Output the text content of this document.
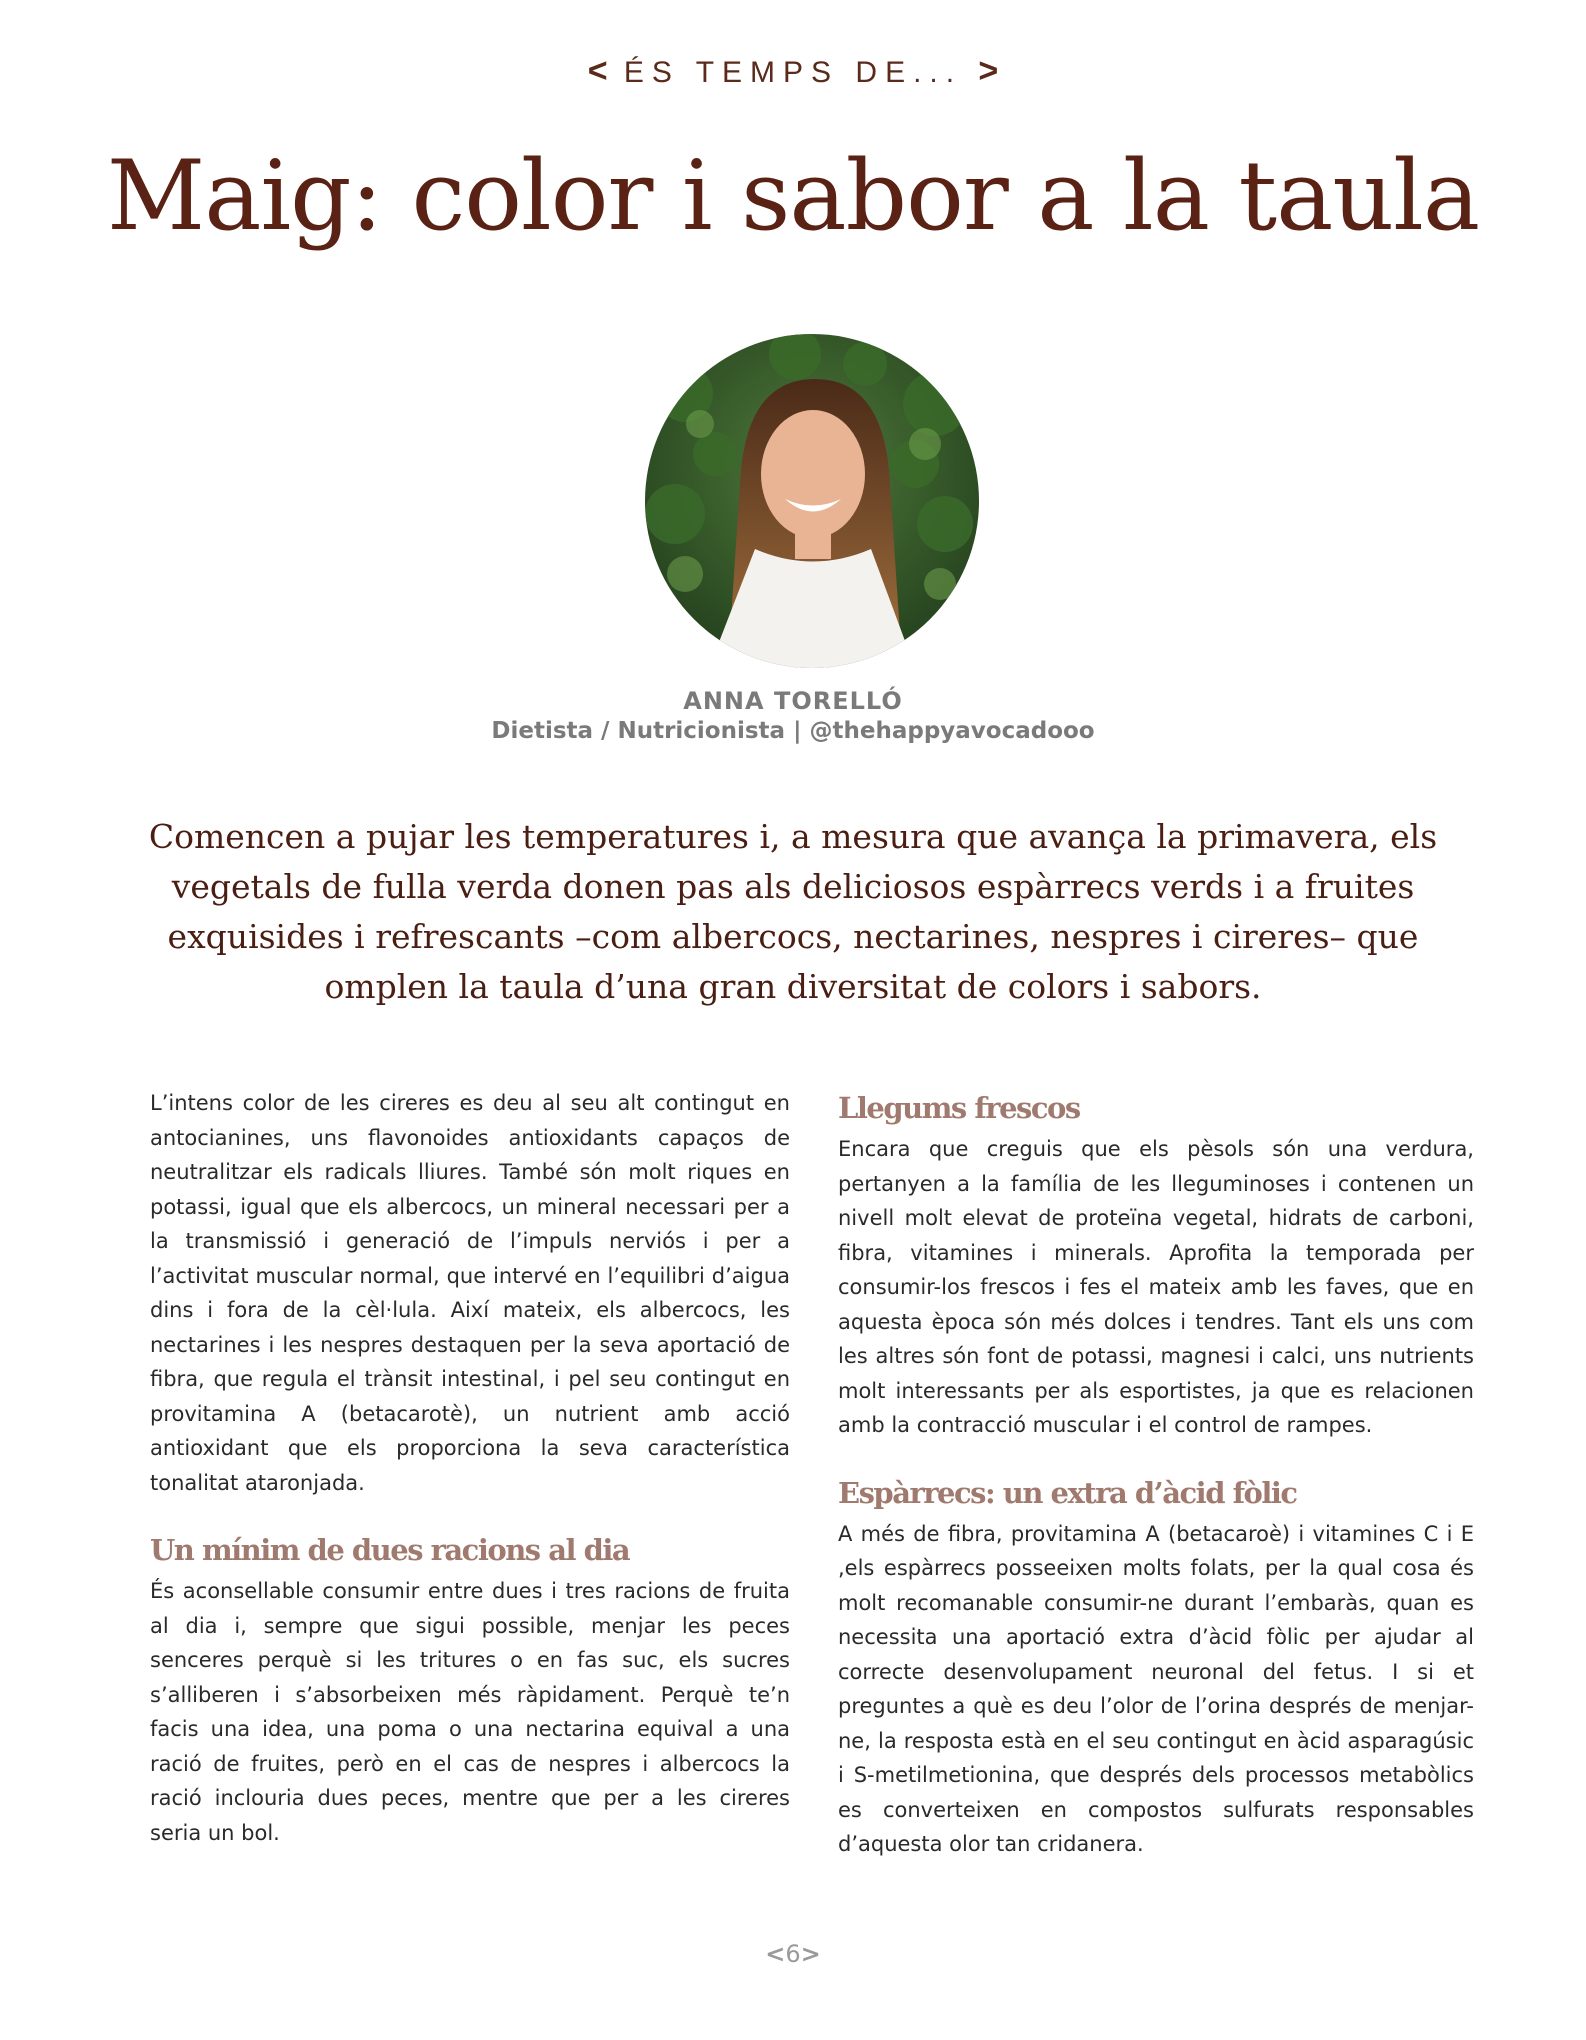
< ÉS TEMPS DE... >
Maig: color i sabor a la taula
ANNA TORELLÓ
Dietista / Nutricionista | @thehappyavocadooo

Comencen a pujar les temperatures i, a mesura que avança la primavera, els vegetals de fulla verda donen pas als deliciosos espàrrecs verds i a fruites exquisides i refrescants –com albercocs, nectarines, nespres i cireres– que omplen la taula d’una gran diversitat de colors i sabors.

L’intens color de les cireres es deu al seu alt contingut en antocianines, uns flavonoides antioxidants capaços de neutralitzar els radicals lliures. També són molt riques en potassi, igual que els albercocs, un mineral necessari per a la transmissió i generació de l’impuls nerviós i per a l’activitat muscular normal, que intervé en l’equilibri d’aigua dins i fora de la cèl·lula. Així mateix, els albercocs, les nectarines i les nespres destaquen per la seva aportació de fibra, que regula el trànsit intestinal, i pel seu contingut en provitamina A (betacarotè), un nutrient amb acció antioxidant que els proporciona la seva característica tonalitat ataronjada.

Un mínim de dues racions al dia

És aconsellable consumir entre dues i tres racions de fruita al dia i, sempre que sigui possible, menjar les peces senceres perquè si les tritures o en fas suc, els sucres s’alliberen i s’absorbeixen més ràpidament. Perquè te’n facis una idea, una poma o una nectarina equival a una ració de fruites, però en el cas de nespres i albercocs la ració inclouria dues peces, mentre que per a les cireres seria un bol.

Llegums frescos

Encara que creguis que els pèsols són una verdura, pertanyen a la família de les lleguminoses i contenen un nivell molt elevat de proteïna vegetal, hidrats de carboni, fibra, vitamines i minerals. Aprofita la temporada per consumir-los frescos i fes el mateix amb les faves, que en aquesta època són més dolces i tendres. Tant els uns com les altres són font de potassi, magnesi i calci, uns nutrients molt interessants per als esportistes, ja que es relacionen amb la contracció muscular i el control de rampes.

Espàrrecs: un extra d’àcid fòlic

A més de fibra, provitamina A (betacaroè) i vitamines C i E ,els espàrrecs posseeixen molts folats, per la qual cosa és molt recomanable consumir-ne durant l’embaràs, quan es necessita una aportació extra d’àcid fòlic per ajudar al correcte desenvolupament neuronal del fetus. I si et preguntes a què es deu l’olor de l’orina després de menjar-ne, la resposta està en el seu contingut en àcid asparagúsic i S-metilmetionina, que després dels processos metabòlics es converteixen en compostos sulfurats responsables d’aquesta olor tan cridanera.

<6>
